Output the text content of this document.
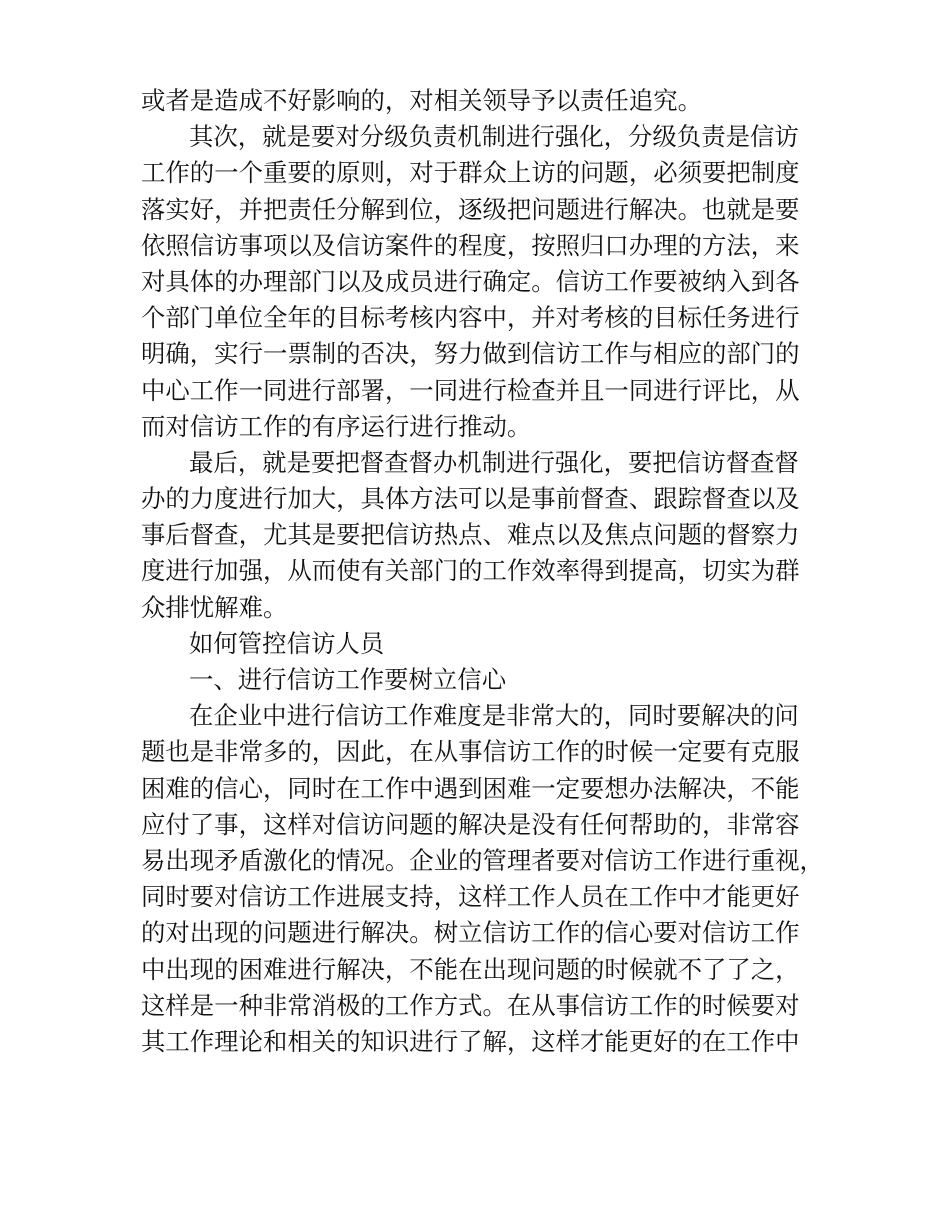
或者是造成不好影响的，对相关领导予以责任追究。
其次，就是要对分级负责机制进行强化，分级负责是信访
工作的一个重要的原则，对于群众上访的问题，必须要把制度
落实好，并把责任分解到位，逐级把问题进行解决。也就是要
依照信访事项以及信访案件的程度，按照归口办理的方法，来
对具体的办理部门以及成员进行确定。信访工作要被纳入到各
个部门单位全年的目标考核内容中，并对考核的目标任务进行
明确，实行一票制的否决，努力做到信访工作与相应的部门的
中心工作一同进行部署，一同进行检查并且一同进行评比，从
而对信访工作的有序运行进行推动。
最后，就是要把督查督办机制进行强化，要把信访督查督
办的力度进行加大，具体方法可以是事前督查、跟踪督查以及
事后督查，尤其是要把信访热点、难点以及焦点问题的督察力
度进行加强，从而使有关部门的工作效率得到提高，切实为群
众排忧解难。
如何管控信访人员
一、进行信访工作要树立信心
在企业中进行信访工作难度是非常大的，同时要解决的问
题也是非常多的，因此，在从事信访工作的时候一定要有克服
困难的信心，同时在工作中遇到困难一定要想办法解决，不能
应付了事，这样对信访问题的解决是没有任何帮助的，非常容
易出现矛盾激化的情况。企业的管理者要对信访工作进行重视，
同时要对信访工作进展支持，这样工作人员在工作中才能更好
的对出现的问题进行解决。树立信访工作的信心要对信访工作
中出现的困难进行解决，不能在出现问题的时候就不了了之，
这样是一种非常消极的工作方式。在从事信访工作的时候要对
其工作理论和相关的知识进行了解，这样才能更好的在工作中
